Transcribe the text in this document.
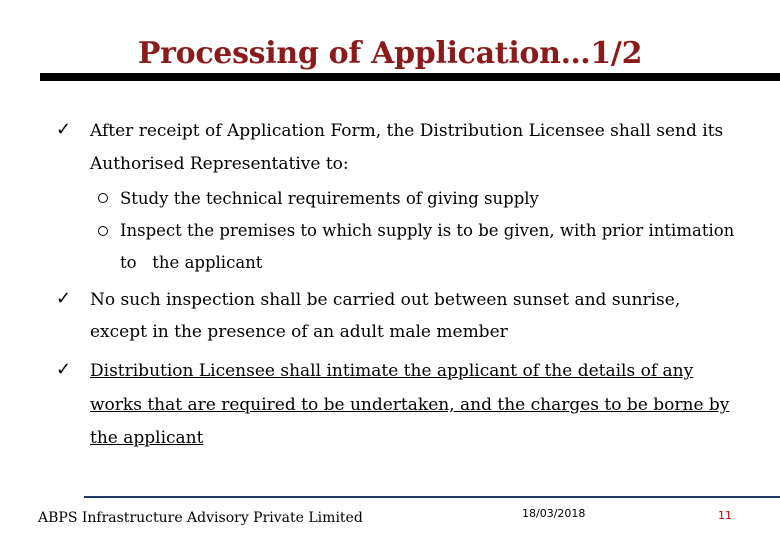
Processing of Application…1/2
✓ After receipt of Application Form, the Distribution Licensee shall send its
Authorised Representative to:
Study the technical requirements of giving supply
Inspect the premises to which supply is to be given, with prior intimation
to   the applicant
✓ No such inspection shall be carried out between sunset and sunrise,
except in the presence of an adult male member
✓ Distribution Licensee shall intimate the applicant of the details of any
works that are required to be undertaken, and the charges to be borne by
the applicant
ABPS Infrastructure Advisory Private Limited	18/03/2018	11
